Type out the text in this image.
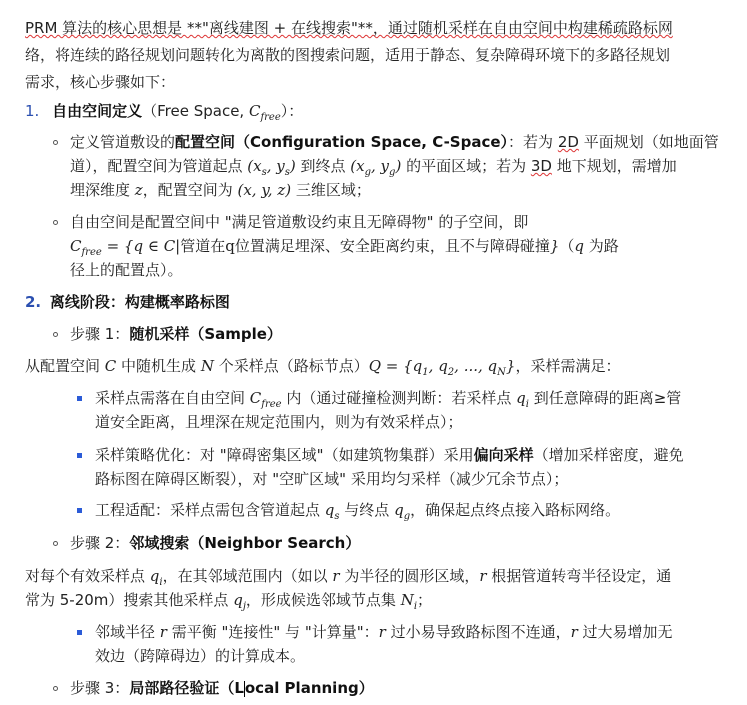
PRM 算法的核心思想是 **"离线建图 + 在线搜索"**，通过随机采样在自由空间中构建稀疏路标网
络，将连续的路径规划问题转化为离散的图搜索问题，适用于静态、复杂障碍环境下的多路径规划
需求，核心步骤如下：
1. 自由空间定义（Free Space, $C_{free}$）：
定义管道敷设的配置空间（Configuration Space, C-Space）：若为 2D 平面规划（如地面管
道），配置空间为管道起点 ($x_s$, $y_s$) 到终点 ($x_g$, $y_g$) 的平面区域；若为 3D 地下规划，需增加
埋深维度 z，配置空间为 (x, y, z) 三维区域；
自由空间是配置空间中 "满足管道敷设约束且无障碍物" 的子空间，即
$C_{free} = \{q$ ∈ C|管道在q位置满足埋深、安全距离约束，且不与障碍碰撞}（q 为路
径上的配置点）。
2. 离线阶段：构建概率路标图
步骤 1：随机采样（Sample）
从配置空间 C 中随机生成 N 个采样点（路标节点）$Q = \{q_1$, $q_2$, ..., $q_N$}，采样需满足：
采样点需落在自由空间 $C_{free}$ 内（通过碰撞检测判断：若采样点 $q_i$ 到任意障碍的距离≥管
道安全距离，且埋深在规定范围内，则为有效采样点）；
采样策略优化：对 "障碍密集区域"（如建筑物集群）采用偏向采样（增加采样密度，避免
路标图在障碍区断裂），对 "空旷区域" 采用均匀采样（减少冗余节点）；
工程适配：采样点需包含管道起点 $q_s$ 与终点 $q_g$，确保起点终点接入路标网络。
步骤 2：邻域搜索（Neighbor Search）
对每个有效采样点 $q_i$，在其邻域范围内（如以 r 为半径的圆形区域，r 根据管道转弯半径设定，通
常为 5-20m）搜索其他采样点 $q_j$，形成候选邻域节点集 $N_i$；
邻域半径 r 需平衡 "连接性" 与 "计算量"：r 过小易导致路标图不连通，r 过大易增加无
效边（跨障碍边）的计算成本。
步骤 3：局部路径验证（Local Planning）
